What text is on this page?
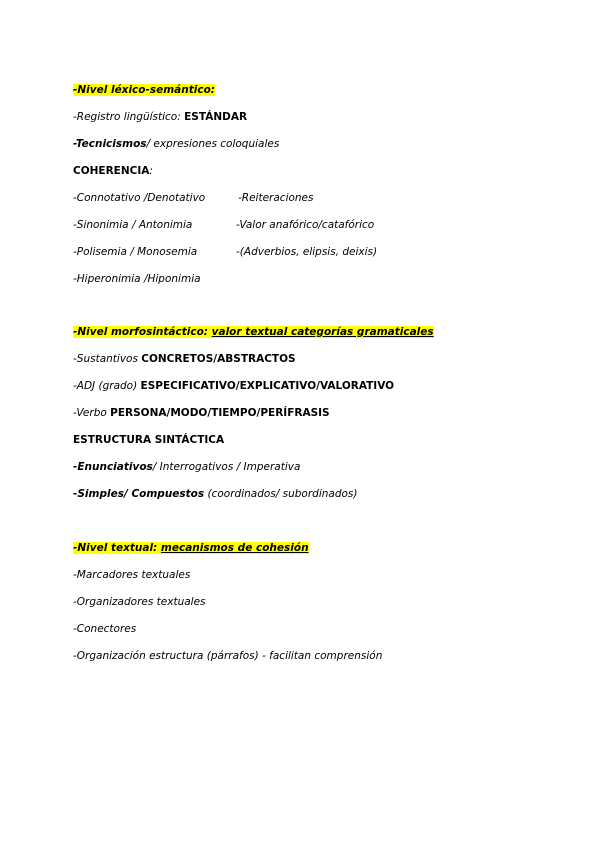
-Nivel léxico-semántico:
-Registro lingüístico: ESTÁNDAR
-Tecnicismos/ expresiones coloquiales
COHERENCIA:
-Connotativo /Denotativo
-Sinonimia / Antonimia
-Polisemia / Monosemia
-Hiperonimia /Hiponimia
-Reiteraciones
-Valor anafórico/catafórico
-(Adverbios, elipsis, deixis)
-Nivel morfosintáctico: valor textual categorías gramaticales
-Sustantivos CONCRETOS/ABSTRACTOS
-ADJ (grado) ESPECIFICATIVO/EXPLICATIVO/VALORATIVO
-Verbo PERSONA/MODO/TIEMPO/PERÍFRASIS
ESTRUCTURA SINTÁCTICA
-Enunciativos/ Interrogativos / Imperativa
-Simples/ Compuestos (coordinados/ subordinados)
-Nivel textual: mecanismos de cohesión
-Marcadores textuales
-Organizadores textuales
-Conectores
-Organización estructura (párrafos) - facilitan comprensión
